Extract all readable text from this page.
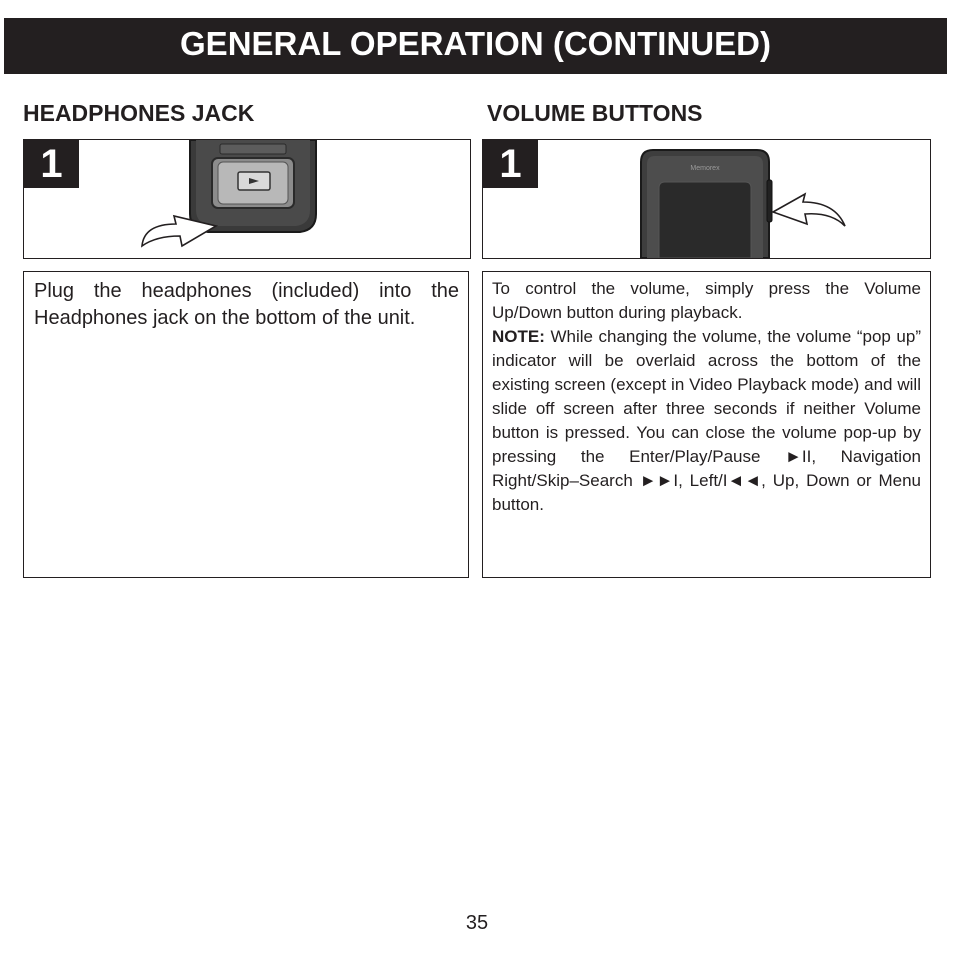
GENERAL OPERATION (CONTINUED)
HEADPHONES JACK	VOLUME BUTTONS
1	Memorex
1
Plug the headphones (included) into the Headphones jack on the bottom of the unit.

To control the volume, simply press the Volume Up/Down button during playback.

NOTE: While changing the volume, the volume “pop up” indicator will be overlaid across the bottom of the existing screen (except in Video Playback mode) and will slide off screen after three seconds if neither Volume button is pressed. You can close the volume pop-up by pressing the Enter/Play/Pause ►II, Navigation Right/Skip–Search ►►I, Left/I◄◄, Up, Down or Menu button.

35
